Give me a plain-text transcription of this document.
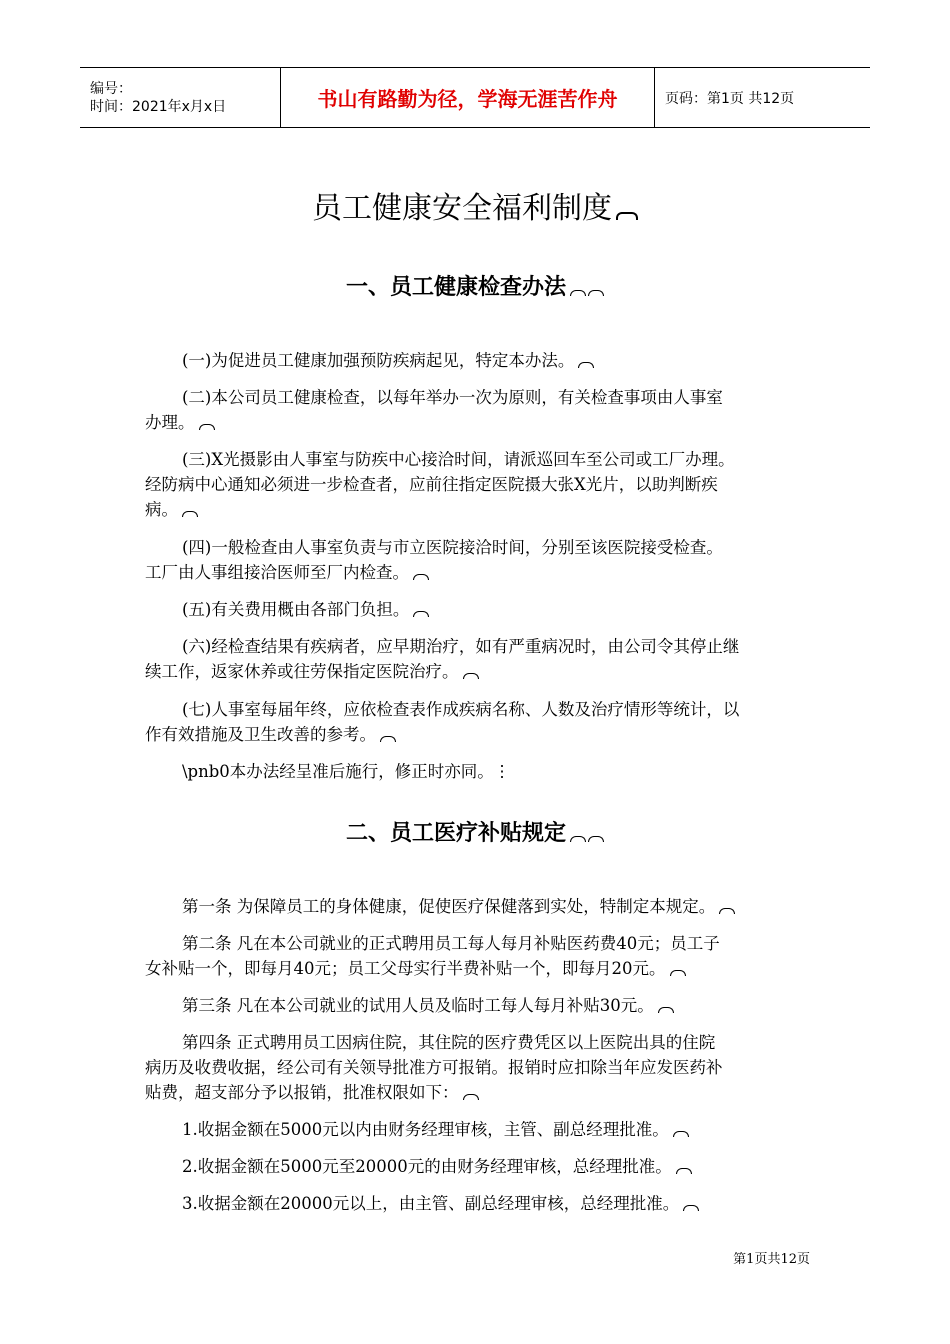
编号：
时间：2021年x月x日	书山有路勤为径，学海无涯苦作舟	页码：第1页 共12页
员工健康安全福利制度
一、员工健康检查办法
(一)为促进员工健康加强预防疾病起见，特定本办法。
(二)本公司员工健康检查，以每年举办一次为原则，有关检查事项由人事室
办理。
(三)X光摄影由人事室与防疾中心接洽时间，请派巡回车至公司或工厂办理。
经防病中心通知必须进一步检查者，应前往指定医院摄大张X光片，以助判断疾
病。
(四)一般检查由人事室负责与市立医院接洽时间，分别至该医院接受检查。
工厂由人事组接洽医师至厂内检查。
(五)有关费用概由各部门负担。
(六)经检查结果有疾病者，应早期治疗，如有严重病况时，由公司令其停止继
续工作，返家休养或往劳保指定医院治疗。
(七)人事室每届年终，应依检查表作成疾病名称、人数及治疗情形等统计，以
作有效措施及卫生改善的参考。
\pnb0本办法经呈准后施行，修正时亦同。⋮
二、员工医疗补贴规定
第一条 为保障员工的身体健康，促使医疗保健落到实处，特制定本规定。
第二条 凡在本公司就业的正式聘用员工每人每月补贴医药费40元；员工子
女补贴一个，即每月40元；员工父母实行半费补贴一个，即每月20元。
第三条 凡在本公司就业的试用人员及临时工每人每月补贴30元。
第四条 正式聘用员工因病住院，其住院的医疗费凭区以上医院出具的住院
病历及收费收据，经公司有关领导批准方可报销。报销时应扣除当年应发医药补
贴费，超支部分予以报销，批准权限如下：
1.收据金额在5000元以内由财务经理审核，主管、副总经理批准。
2.收据金额在5000元至20000元的由财务经理审核，总经理批准。
3.收据金额在20000元以上，由主管、副总经理审核，总经理批准。
第1页共12页
